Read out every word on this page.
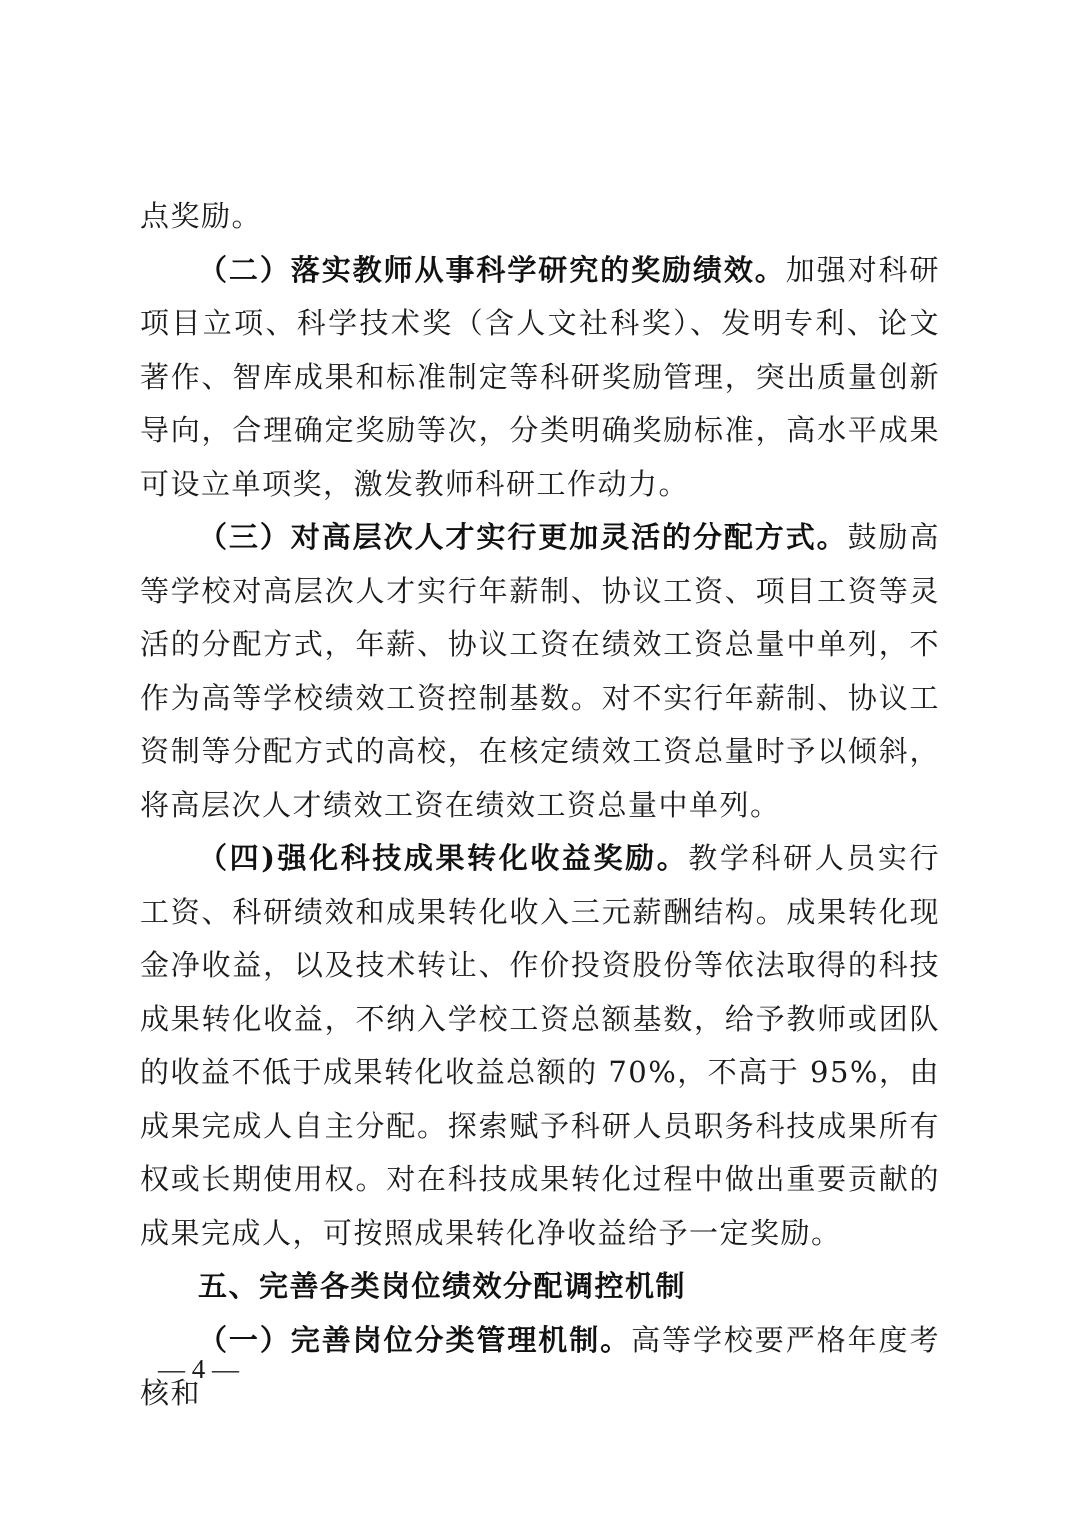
点奖励。

（二）落实教师从事科学研究的奖励绩效。加强对科研项目立项、科学技术奖（含人文社科奖）、发明专利、论文著作、智库成果和标准制定等科研奖励管理，突出质量创新导向，合理确定奖励等次，分类明确奖励标准，高水平成果可设立单项奖，激发教师科研工作动力。

（三）对高层次人才实行更加灵活的分配方式。鼓励高等学校对高层次人才实行年薪制、协议工资、项目工资等灵活的分配方式，年薪、协议工资在绩效工资总量中单列，不作为高等学校绩效工资控制基数。对不实行年薪制、协议工资制等分配方式的高校，在核定绩效工资总量时予以倾斜，将高层次人才绩效工资在绩效工资总量中单列。

（四)强化科技成果转化收益奖励。教学科研人员实行工资、科研绩效和成果转化收入三元薪酬结构。成果转化现金净收益，以及技术转让、作价投资股份等依法取得的科技成果转化收益，不纳入学校工资总额基数，给予教师或团队的收益不低于成果转化收益总额的 70%，不高于 95%，由成果完成人自主分配。探索赋予科研人员职务科技成果所有权或长期使用权。对在科技成果转化过程中做出重要贡献的成果完成人，可按照成果转化净收益给予一定奖励。

五、完善各类岗位绩效分配调控机制

（一）完善岗位分类管理机制。高等学校要严格年度考核和

— 4 —
